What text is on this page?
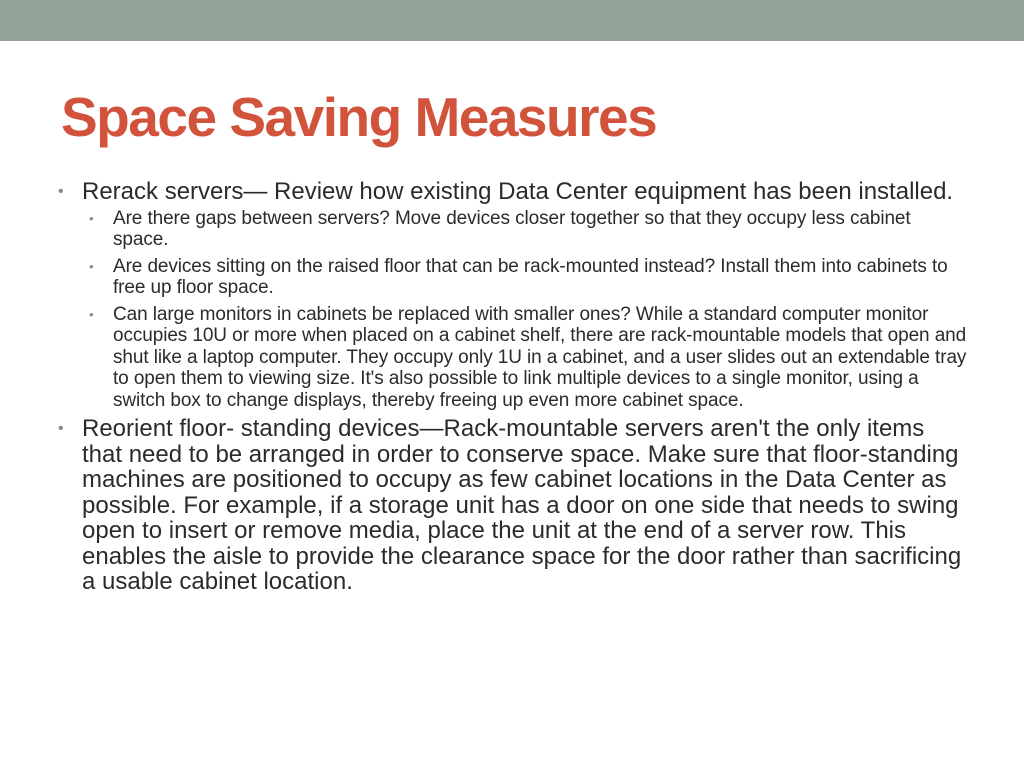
Space Saving Measures
• Rerack servers— Review how existing Data Center equipment has been installed.
• Are there gaps between servers? Move devices closer together so that they occupy less cabinet space.
• Are devices sitting on the raised floor that can be rack-mounted instead? Install them into cabinets to free up floor space.
• Can large monitors in cabinets be replaced with smaller ones? While a standard computer monitor occupies 10U or more when placed on a cabinet shelf, there are rack-mountable models that open and shut like a laptop computer. They occupy only 1U in a cabinet, and a user slides out an extendable tray to open them to viewing size. It's also possible to link multiple devices to a single monitor, using a switch box to change displays, thereby freeing up even more cabinet space.
• Reorient floor- standing devices—Rack-mountable servers aren't the only items that need to be arranged in order to conserve space. Make sure that floor-standing machines are positioned to occupy as few cabinet locations in the Data Center as possible. For example, if a storage unit has a door on one side that needs to swing open to insert or remove media, place the unit at the end of a server row. This enables the aisle to provide the clearance space for the door rather than sacrificing a usable cabinet location.
